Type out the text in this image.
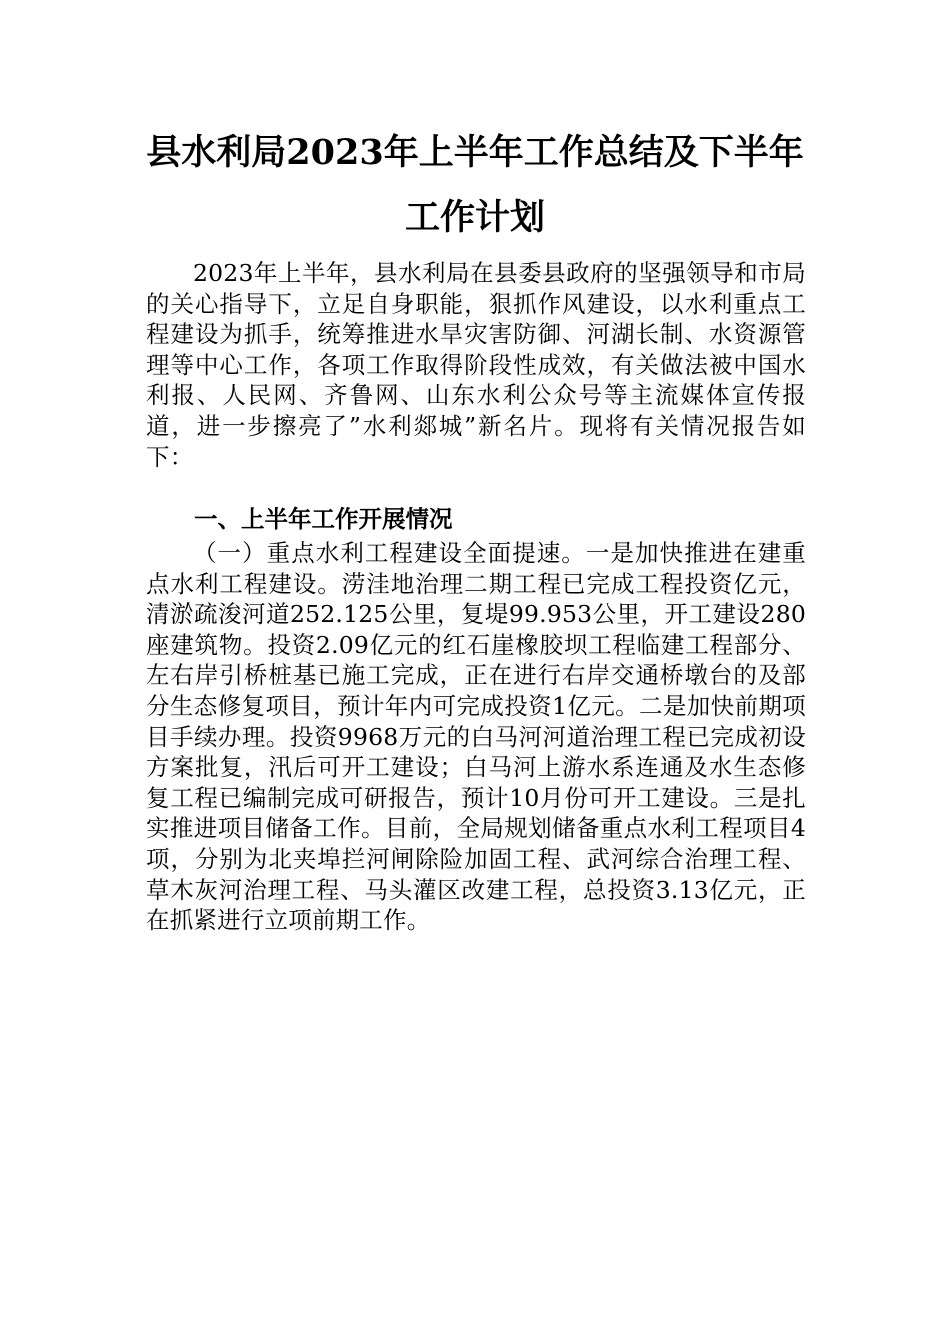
县水利局2023年上半年工作总结及下半年
工作计划

2023年上半年，县水利局在县委县政府的坚强领导和市局的关心指导下，立足自身职能，狠抓作风建设，以水利重点工程建设为抓手，统筹推进水旱灾害防御、河湖长制、水资源管理等中心工作，各项工作取得阶段性成效，有关做法被中国水利报、人民网、齐鲁网、山东水利公众号等主流媒体宣传报道，进一步擦亮了”水利郯城”新名片。现将有关情况报告如下：

一、上半年工作开展情况

（一）重点水利工程建设全面提速。一是加快推进在建重点水利工程建设。涝洼地治理二期工程已完成工程投资亿元，清淤疏浚河道252.125公里，复堤99.953公里，开工建设280座建筑物。投资2.09亿元的红石崖橡胶坝工程临建工程部分、左右岸引桥桩基已施工完成，正在进行右岸交通桥墩台的及部分生态修复项目，预计年内可完成投资1亿元。二是加快前期项目手续办理。投资9968万元的白马河河道治理工程已完成初设方案批复，汛后可开工建设；白马河上游水系连通及水生态修复工程已编制完成可研报告，预计10月份可开工建设。三是扎实推进项目储备工作。目前，全局规划储备重点水利工程项目4项，分别为北夹埠拦河闸除险加固工程、武河综合治理工程、草木灰河治理工程、马头灌区改建工程，总投资3.13亿元，正在抓紧进行立项前期工作。
